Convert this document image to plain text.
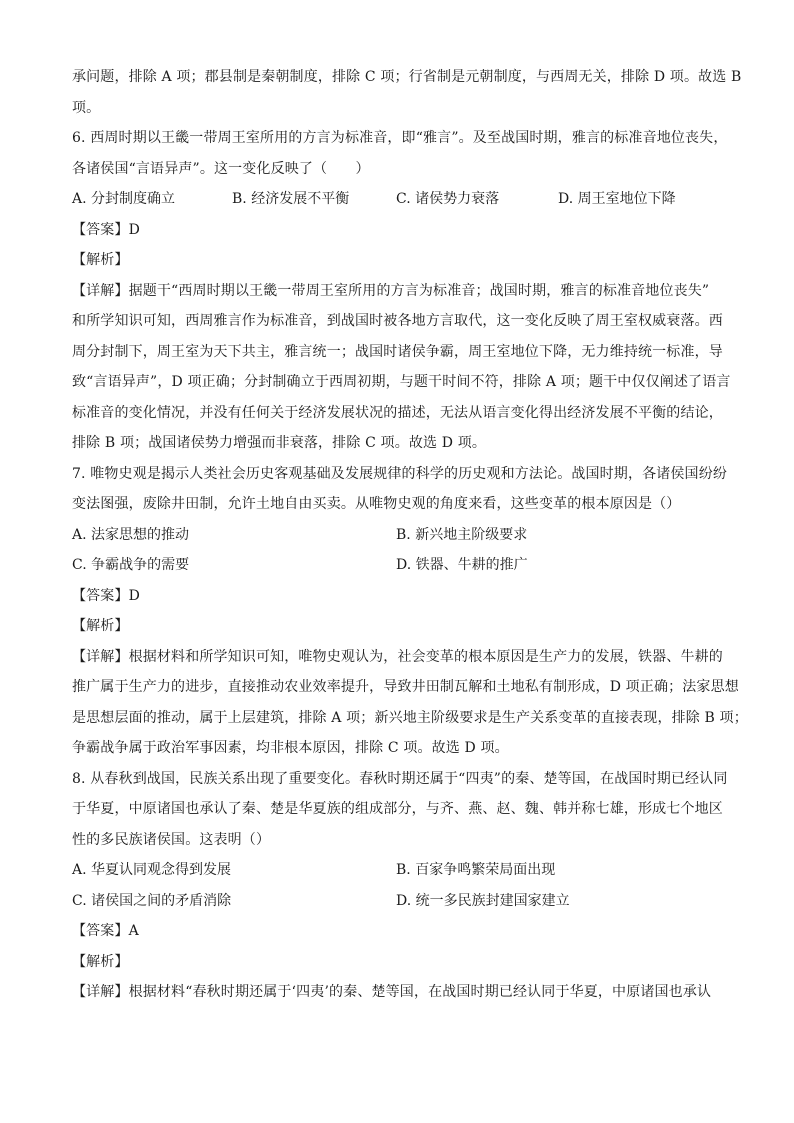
承问题，排除 A 项；郡县制是秦朝制度，排除 C 项；行省制是元朝制度，与西周无关，排除 D 项。故选 B
项。
6. 西周时期以王畿一带周王室所用的方言为标准音，即“雅言”。及至战国时期，雅言的标准音地位丧失，
各诸侯国“言语异声”。这一变化反映了（　　）
A. 分封制度确立	B. 经济发展不平衡	C. 诸侯势力衰落	D. 周王室地位下降
【答案】D
【解析】
【详解】据题干“西周时期以王畿一带周王室所用的方言为标准音；战国时期，雅言的标准音地位丧失”
和所学知识可知，西周雅言作为标准音，到战国时被各地方言取代，这一变化反映了周王室权威衰落。西
周分封制下，周王室为天下共主，雅言统一；战国时诸侯争霸，周王室地位下降，无力维持统一标准，导
致“言语异声”，D 项正确；分封制确立于西周初期，与题干时间不符，排除 A 项；题干中仅仅阐述了语言
标准音的变化情况，并没有任何关于经济发展状况的描述，无法从语言变化得出经济发展不平衡的结论，
排除 B 项；战国诸侯势力增强而非衰落，排除 C 项。故选 D 项。
7. 唯物史观是揭示人类社会历史客观基础及发展规律的科学的历史观和方法论。战国时期，各诸侯国纷纷
变法图强，废除井田制，允许土地自由买卖。从唯物史观的角度来看，这些变革的根本原因是（）
A. 法家思想的推动	B. 新兴地主阶级要求
C. 争霸战争的需要	D. 铁器、牛耕的推广
【答案】D
【解析】
【详解】根据材料和所学知识可知，唯物史观认为，社会变革的根本原因是生产力的发展，铁器、牛耕的
推广属于生产力的进步，直接推动农业效率提升，导致井田制瓦解和土地私有制形成，D 项正确；法家思想
是思想层面的推动，属于上层建筑，排除 A 项；新兴地主阶级要求是生产关系变革的直接表现，排除 B 项；
争霸战争属于政治军事因素，均非根本原因，排除 C 项。故选 D 项。
8. 从春秋到战国，民族关系出现了重要变化。春秋时期还属于“四夷”的秦、楚等国，在战国时期已经认同
于华夏，中原诸国也承认了秦、楚是华夏族的组成部分，与齐、燕、赵、魏、韩并称七雄，形成七个地区
性的多民族诸侯国。这表明（）
A. 华夏认同观念得到发展	B. 百家争鸣繁荣局面出现
C. 诸侯国之间的矛盾消除	D. 统一多民族封建国家建立
【答案】A
【解析】
【详解】根据材料“春秋时期还属于‘四夷’的秦、楚等国，在战国时期已经认同于华夏，中原诸国也承认
